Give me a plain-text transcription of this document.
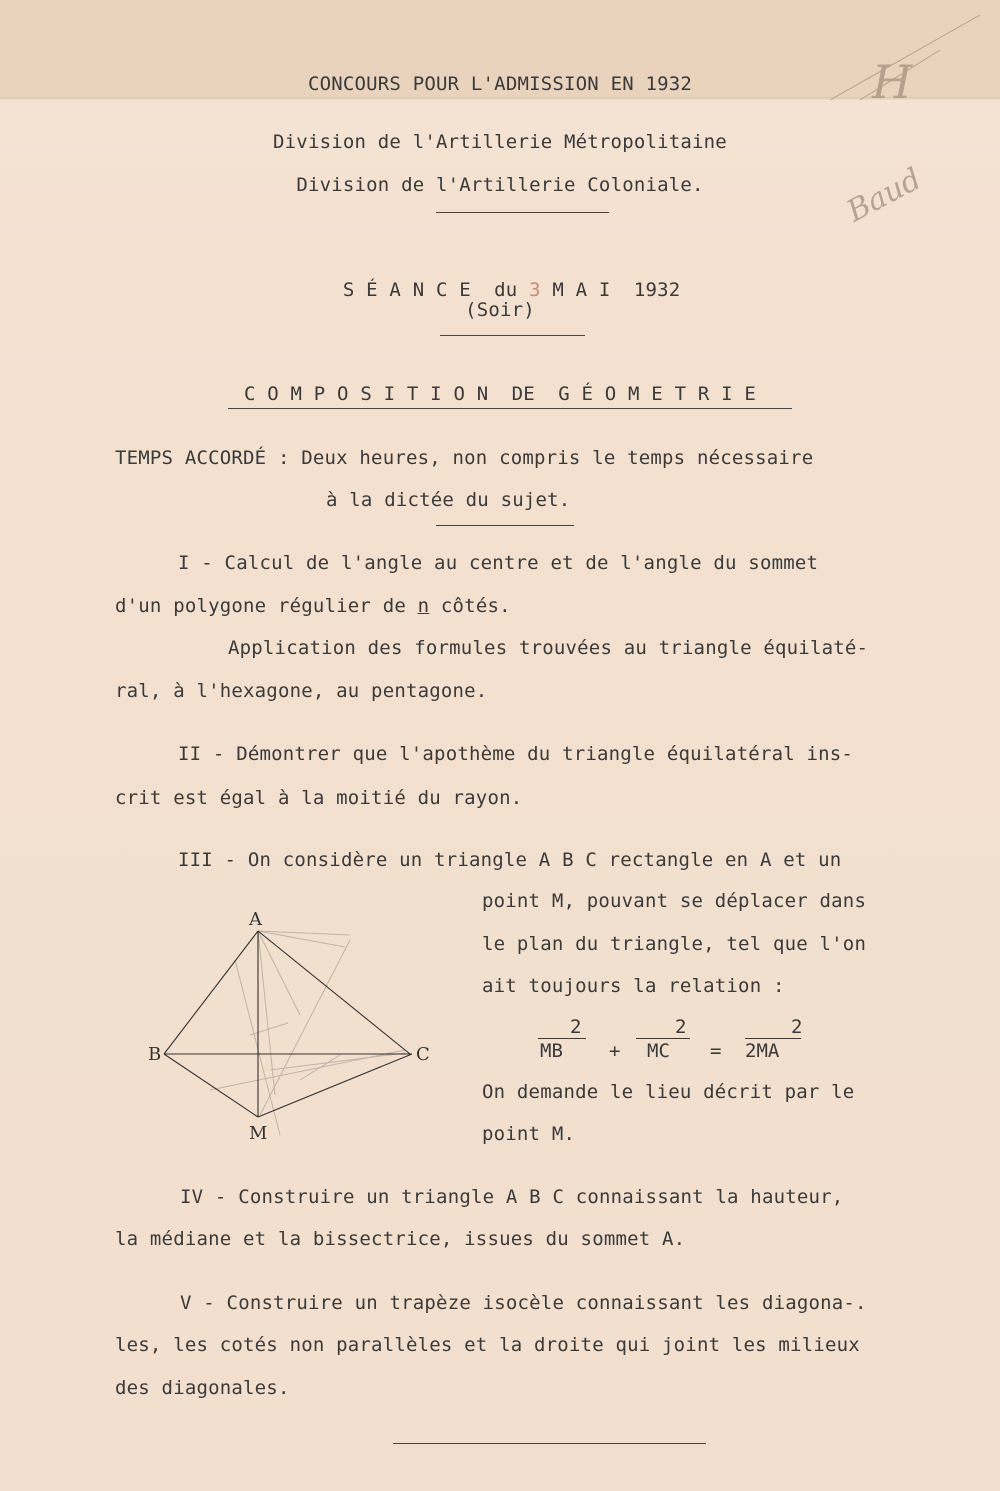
H
CONCOURS POUR L'ADMISSION EN 1932
Division de l'Artillerie Métropolitaine
Division de l'Artillerie Coloniale.	Baud

S É A N C E  du 3 M A I  1932

(Soir)
C O M P O S I T I O N  DE  G É O M E T R I E
TEMPS ACCORDÉ : Deux heures, non compris le temps nécessaire
à la dictée du sujet.
I - Calcul de l'angle au centre et de l'angle du sommet
d'un polygone régulier de n côtés.
Application des formules trouvées au triangle équilaté-
ral, à l'hexagone, au pentagone.
II - Démontrer que l'apothème du triangle équilatéral ins-
crit est égal à la moitié du rayon.
III - On considère un triangle A B C rectangle en A et un
point M, pouvant se déplacer dans
le plan du triangle, tel que l'on
ait toujours la relation :
2
MB +
2
MC =
2
2MA
On demande le lieu décrit par le
point M.
A
B	C
M
IV - Construire un triangle A B C connaissant la hauteur,
la médiane et la bissectrice, issues du sommet A.
V - Construire un trapèze isocèle connaissant les diagona-.
les, les cotés non parallèles et la droite qui joint les milieux
des diagonales.
